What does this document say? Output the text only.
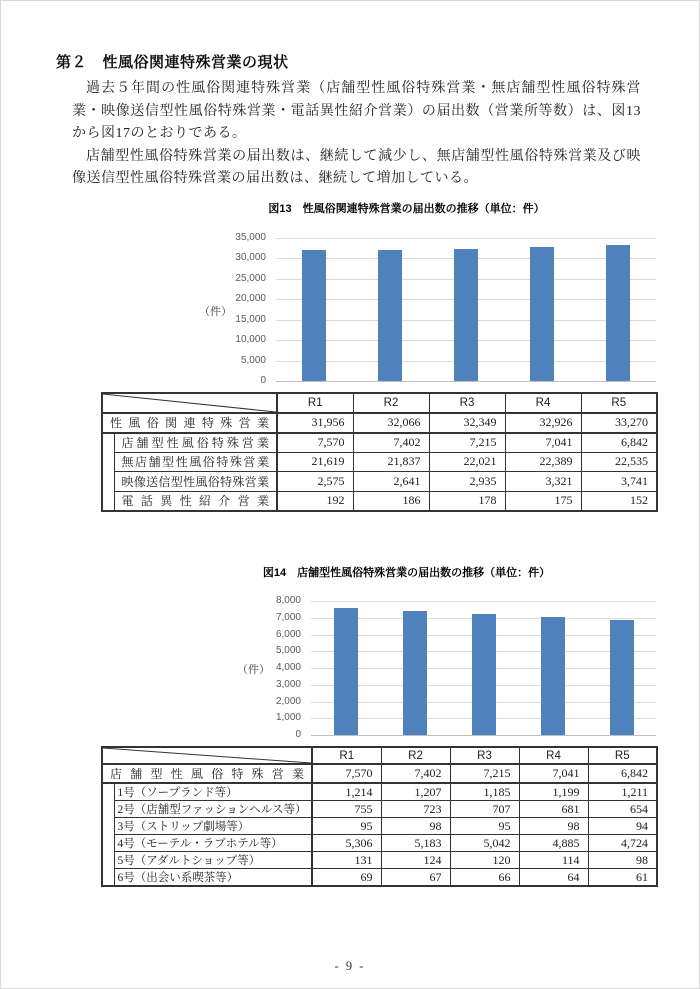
第２　性風俗関連特殊営業の現状

過去５年間の性風俗関連特殊営業（店舗型性風俗特殊営業・無店舗型性風俗特殊営業・映像送信型性風俗特殊営業・電話異性紹介営業）の届出数（営業所等数）は、図13から図17のとおりである。

店舗型性風俗特殊営業の届出数は、継続して減少し、無店舗型性風俗特殊営業及び映像送信型性風俗特殊営業の届出数は、継続して増加している。

図13　性風俗関連特殊営業の届出数の推移（単位：件）
0
5,000
10,000
15,000
20,000
25,000
30,000
35,000
（件）
	R1	R2	R3	R4	R5
性風俗関連特殊営業		31,956	32,066	32,349	32,926	33,270
	店舗型性風俗特殊営業	7,570	7,402	7,215	7,041	6,842
	無店舗型性風俗特殊営業	21,619	21,837	22,021	22,389	22,535
	映像送信型性風俗特殊営業	2,575	2,641	2,935	3,321	3,741
	電話異性紹介営業	192	186	178	175	152
図14　店舗型性風俗特殊営業の届出数の推移（単位：件）
0
1,000
2,000
3,000
4,000
5,000
6,000
7,000
8,000
（件）
	R1	R2	R3	R4	R5
店舗型性風俗特殊営業		7,570	7,402	7,215	7,041	6,842
	1号（ソープランド等）	1,214	1,207	1,185	1,199	1,211
	2号（店舗型ファッションヘルス等）	755	723	707	681	654
	3号（ストリップ劇場等）	95	98	95	98	94
	4号（モーテル・ラブホテル等）	5,306	5,183	5,042	4,885	4,724
	5号（アダルトショップ等）	131	124	120	114	98
	6号（出会い系喫茶等）	69	67	66	64	61
- 9 -
